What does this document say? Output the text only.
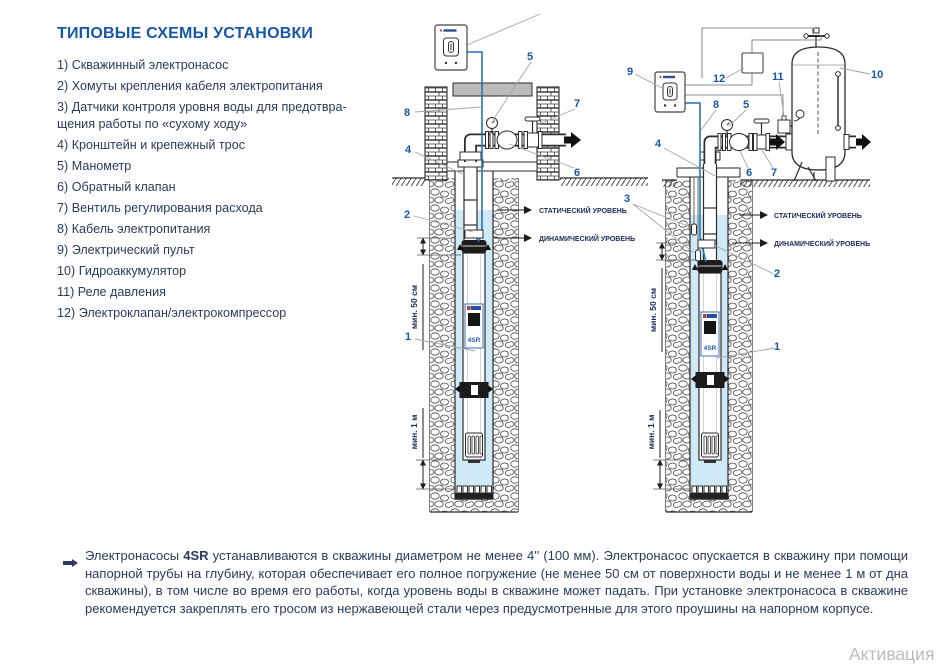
ТИПОВЫЕ СХЕМЫ УСТАНОВКИ
1) Скважинный электронасос
2) Хомуты крепления кабеля электропитания
3) Датчики контроля уровня воды для предотвра-
щения работы по «сухому ходу»
4) Кронштейн и крепежный трос
5) Манометр
6) Обратный клапан
7) Вентиль регулирования расхода
8) Кабель электропитания
9) Электрический пульт
10) Гидроаккумулятор
11) Реле давления
12) Электроклапан/электрокомпрессор
4SR
СТАТИЧЕСКИЙ УРОВЕНЬ
ДИНАМИЧЕСКИЙ УРОВЕНЬ
мин. 50 см
мин. 1 м
8
4
2
1
5
7
6
4SR
СТАТИЧЕСКИЙ УРОВЕНЬ
ДИНАМИЧЕСКИЙ УРОВЕНЬ
мин. 50 см
мин. 1 м
9
12	11	10
8 5
4
6 7
3
2
1
Электронасосы 4SR устанавливаются в скважины диаметром не менее 4'' (100 мм). Электронасос опускается в скважину при помощи напорной трубы на глубину, которая обеспечивает его полное погружение (не менее 50 см от поверхности воды и не менее 1 м от дна скважины), в том числе во время его работы, когда уровень воды в скважине может падать. При установке электронасоса в скважине рекомендуется закреплять его тросом из нержавеющей стали через предусмотренные для этого проушины на напорном корпусе.
Активация
